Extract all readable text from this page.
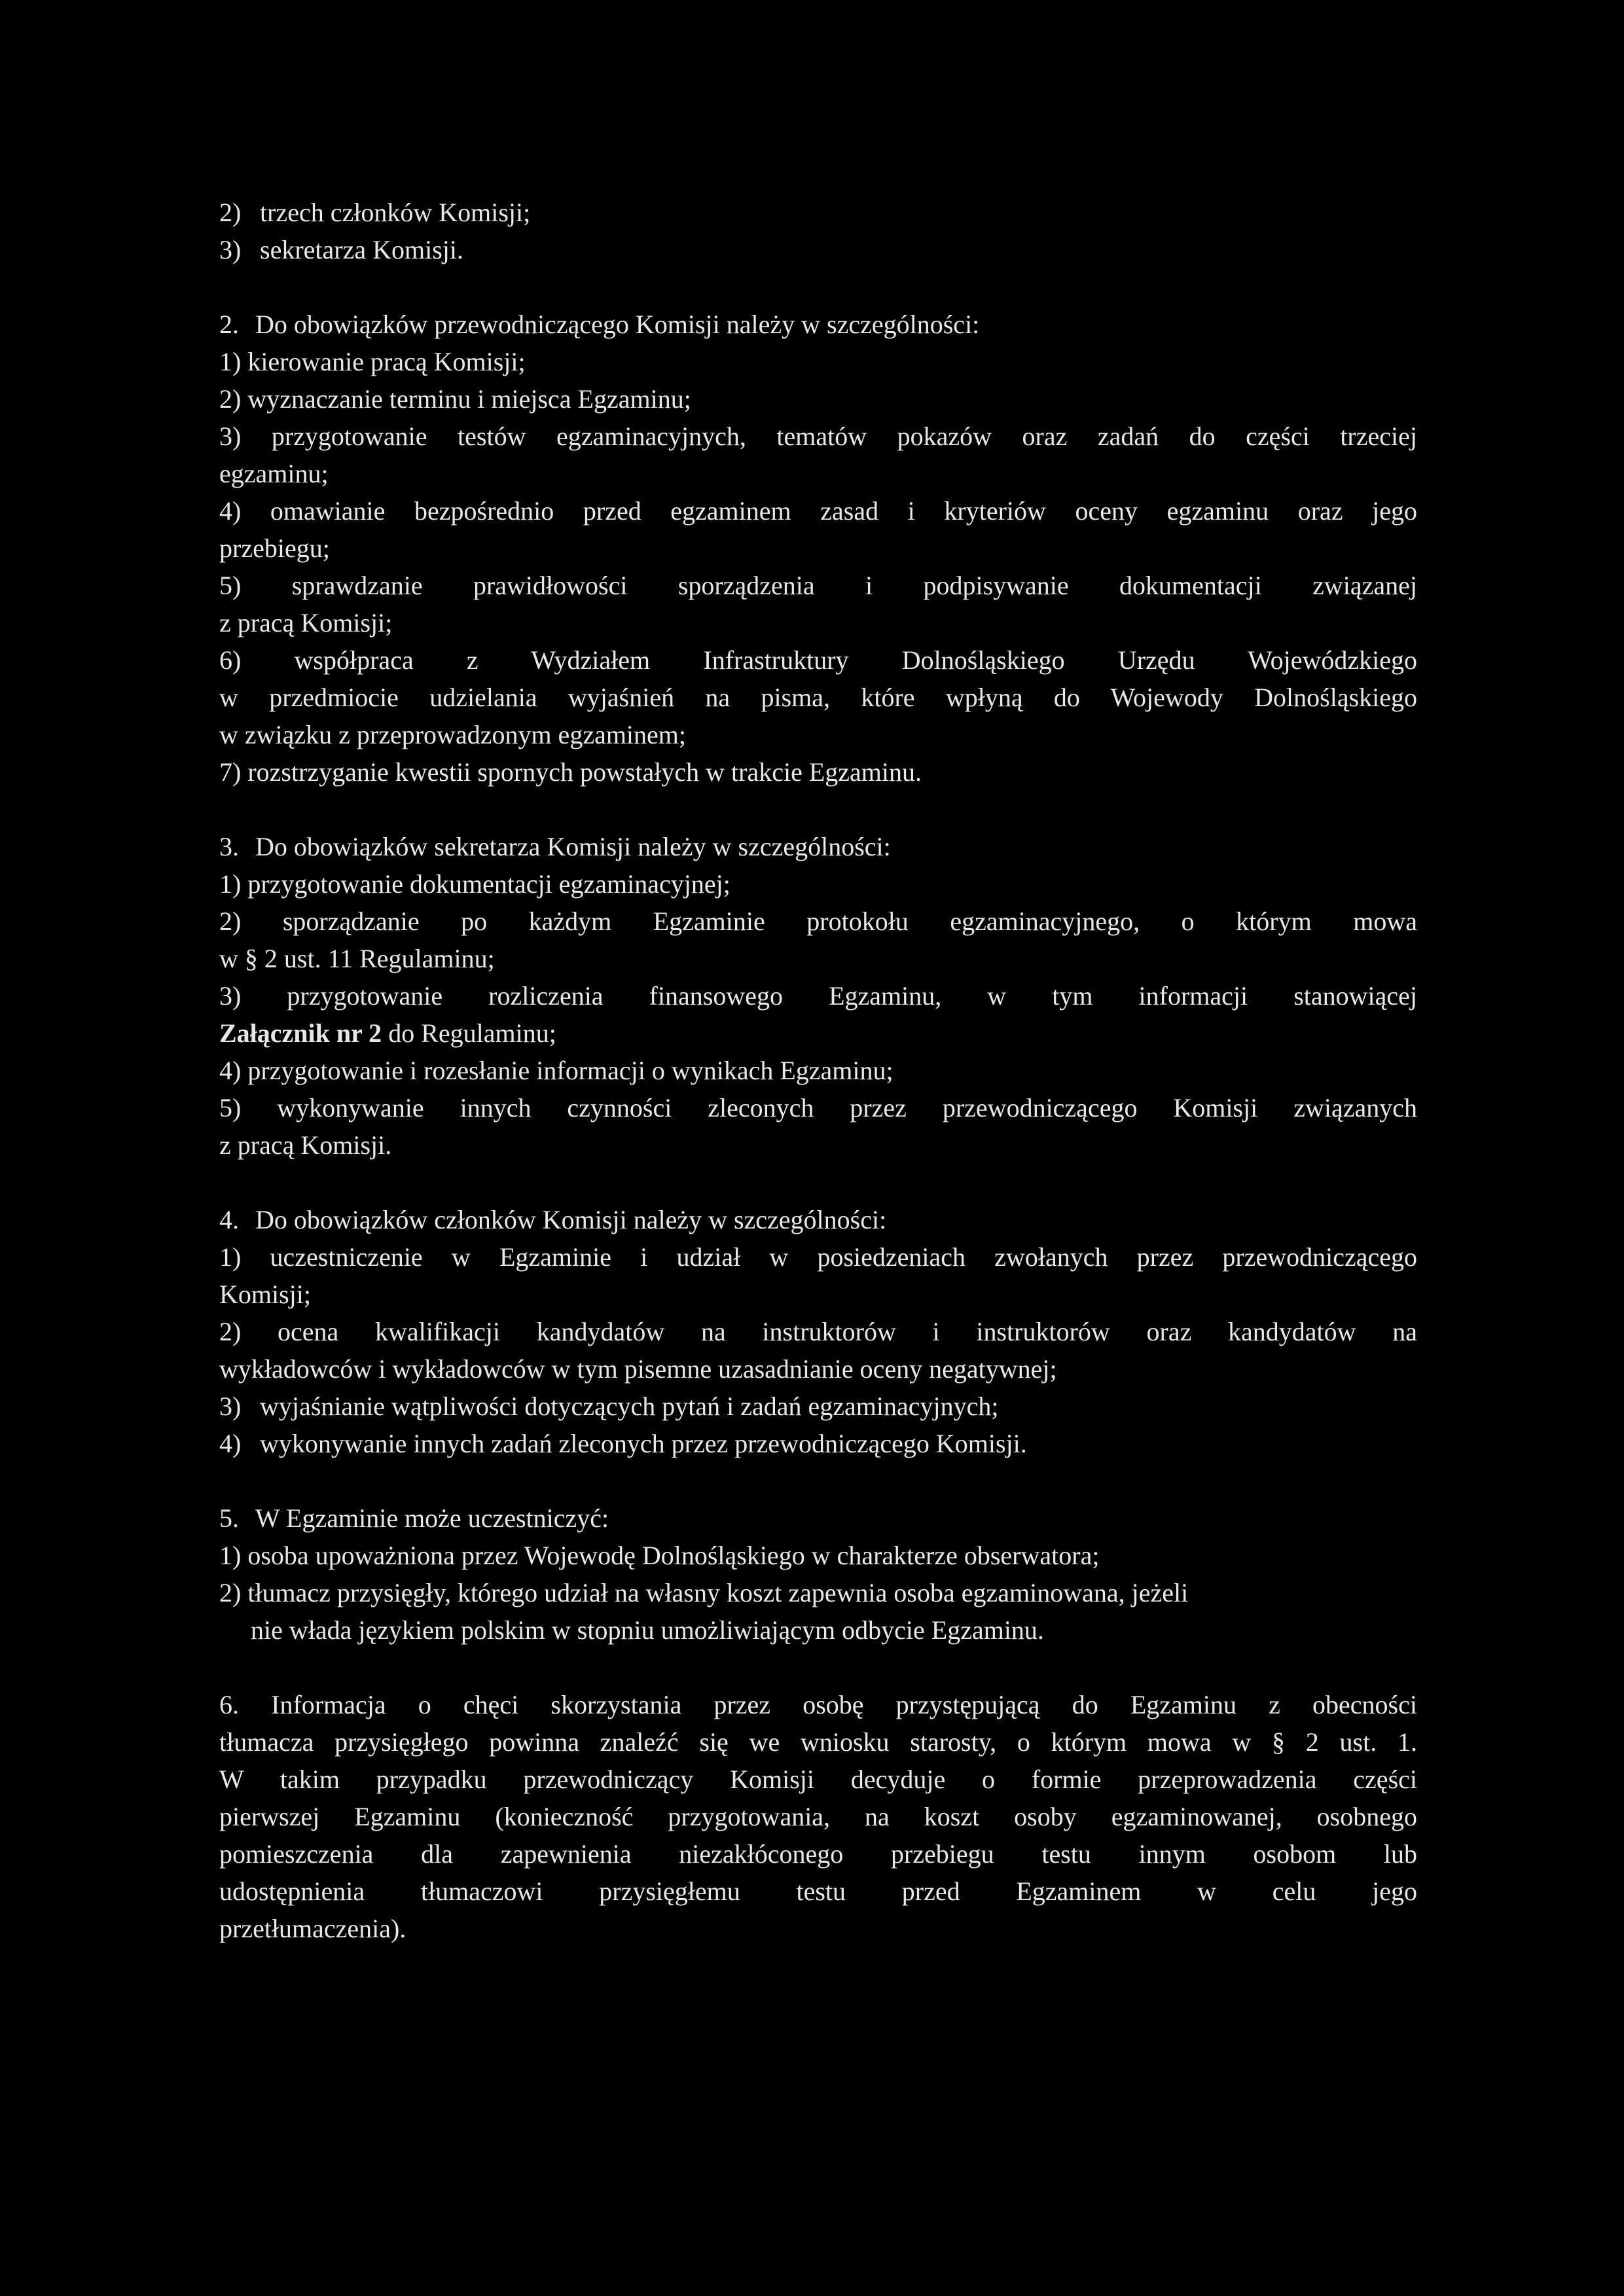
2) trzech członków Komisji;
3) sekretarza Komisji.
2. Do obowiązków przewodniczącego Komisji należy w szczególności:
1) kierowanie pracą Komisji;
2) wyznaczanie terminu i miejsca Egzaminu;
3) przygotowanie testów egzaminacyjnych, tematów pokazów oraz zadań do części trzeciej
egzaminu;
4) omawianie bezpośrednio przed egzaminem zasad i kryteriów oceny egzaminu oraz jego
przebiegu;
5) sprawdzanie prawidłowości sporządzenia i podpisywanie dokumentacji związanej
z pracą Komisji;
6) współpraca z Wydziałem Infrastruktury Dolnośląskiego Urzędu Wojewódzkiego
w przedmiocie udzielania wyjaśnień na pisma, które wpłyną do Wojewody Dolnośląskiego
w związku z przeprowadzonym egzaminem;
7) rozstrzyganie kwestii spornych powstałych w trakcie Egzaminu.
3. Do obowiązków sekretarza Komisji należy w szczególności:
1) przygotowanie dokumentacji egzaminacyjnej;
2) sporządzanie po każdym Egzaminie protokołu egzaminacyjnego, o którym mowa
w § 2 ust. 11 Regulaminu;
3) przygotowanie rozliczenia finansowego Egzaminu, w tym informacji stanowiącej
Załącznik nr 2 do Regulaminu;
4) przygotowanie i rozesłanie informacji o wynikach Egzaminu;
5) wykonywanie innych czynności zleconych przez przewodniczącego Komisji związanych
z pracą Komisji.
4. Do obowiązków członków Komisji należy w szczególności:
1) uczestniczenie w Egzaminie i udział w posiedzeniach zwołanych przez przewodniczącego
Komisji;
2) ocena kwalifikacji kandydatów na instruktorów i instruktorów oraz kandydatów na
wykładowców i wykładowców w tym pisemne uzasadnianie oceny negatywnej;
3) wyjaśnianie wątpliwości dotyczących pytań i zadań egzaminacyjnych;
4) wykonywanie innych zadań zleconych przez przewodniczącego Komisji.
5. W Egzaminie może uczestniczyć:
1) osoba upoważniona przez Wojewodę Dolnośląskiego w charakterze obserwatora;
2) tłumacz przysięgły, którego udział na własny koszt zapewnia osoba egzaminowana, jeżeli
nie włada językiem polskim w stopniu umożliwiającym odbycie Egzaminu.
6. Informacja o chęci skorzystania przez osobę przystępującą do Egzaminu z obecności
tłumacza przysięgłego powinna znaleźć się we wniosku starosty, o którym mowa w § 2 ust. 1.
W takim przypadku przewodniczący Komisji decyduje o formie przeprowadzenia części
pierwszej Egzaminu (konieczność przygotowania, na koszt osoby egzaminowanej, osobnego
pomieszczenia dla zapewnienia niezakłóconego przebiegu testu innym osobom lub
udostępnienia tłumaczowi przysięgłemu testu przed Egzaminem w celu jego
przetłumaczenia).
